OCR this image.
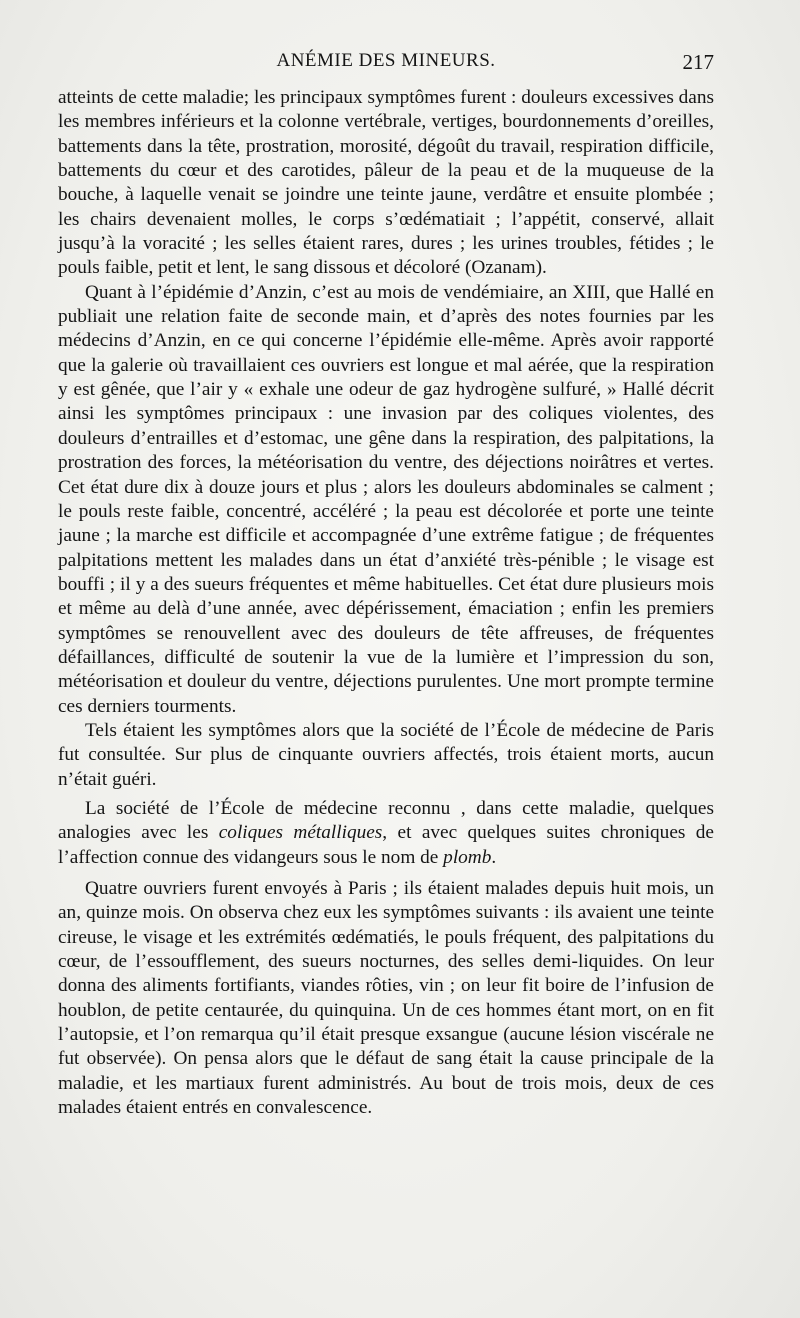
ANÉMIE DES MINEURS.	217

atteints de cette maladie; les principaux symptômes furent : douleurs excessives dans les membres inférieurs et la colonne vertébrale, vertiges, bourdonnements d’oreilles, battements dans la tête, prostration, morosité, dégoût du travail, respiration difficile, battements du cœur et des carotides, pâleur de la peau et de la muqueuse de la bouche, à laquelle venait se joindre une teinte jaune, verdâtre et ensuite plombée ; les chairs devenaient molles, le corps s’œdématiait ; l’appétit, conservé, allait jusqu’à la voracité ; les selles étaient rares, dures ; les urines troubles, fétides ; le pouls faible, petit et lent, le sang dissous et décoloré (Ozanam).

Quant à l’épidémie d’Anzin, c’est au mois de vendémiaire, an XIII, que Hallé en publiait une relation faite de seconde main, et d’après des notes fournies par les médecins d’Anzin, en ce qui concerne l’épidémie elle-même. Après avoir rapporté que la galerie où travaillaient ces ouvriers est longue et mal aérée, que la respiration y est gênée, que l’air y « exhale une odeur de gaz hydrogène sulfuré, » Hallé décrit ainsi les symptômes principaux : une invasion par des coliques violentes, des douleurs d’entrailles et d’estomac, une gêne dans la respiration, des palpitations, la prostration des forces, la météorisation du ventre, des déjections noirâtres et vertes. Cet état dure dix à douze jours et plus ; alors les douleurs abdominales se calment ; le pouls reste faible, concentré, accéléré ; la peau est décolorée et porte une teinte jaune ; la marche est difficile et accompagnée d’une extrême fatigue ; de fréquentes palpitations mettent les malades dans un état d’anxiété très-pénible ; le visage est bouffi ; il y a des sueurs fréquentes et même habituelles. Cet état dure plusieurs mois et même au delà d’une année, avec dépérissement, émaciation ; enfin les premiers symptômes se renouvellent avec des douleurs de tête affreuses, de fréquentes défaillances, difficulté de soutenir la vue de la lumière et l’impression du son, météorisation et douleur du ventre, déjections purulentes. Une mort prompte termine ces derniers tourments.

Tels étaient les symptômes alors que la société de l’École de médecine de Paris fut consultée. Sur plus de cinquante ouvriers affectés, trois étaient morts, aucun n’était guéri.

La société de l’École de médecine reconnu , dans cette maladie, quelques analogies avec les coliques métalliques, et avec quelques suites chroniques de l’affection connue des vidangeurs sous le nom de plomb.

Quatre ouvriers furent envoyés à Paris ; ils étaient malades depuis huit mois, un an, quinze mois. On observa chez eux les symptômes suivants : ils avaient une teinte cireuse, le visage et les extrémités œdématiés, le pouls fréquent, des palpitations du cœur, de l’essoufflement, des sueurs nocturnes, des selles demi-liquides. On leur donna des aliments fortifiants, viandes rôties, vin ; on leur fit boire de l’infusion de houblon, de petite centaurée, du quinquina. Un de ces hommes étant mort, on en fit l’autopsie, et l’on remarqua qu’il était presque exsangue (aucune lésion viscérale ne fut observée). On pensa alors que le défaut de sang était la cause principale de la maladie, et les martiaux furent administrés. Au bout de trois mois, deux de ces malades étaient entrés en convalescence.
